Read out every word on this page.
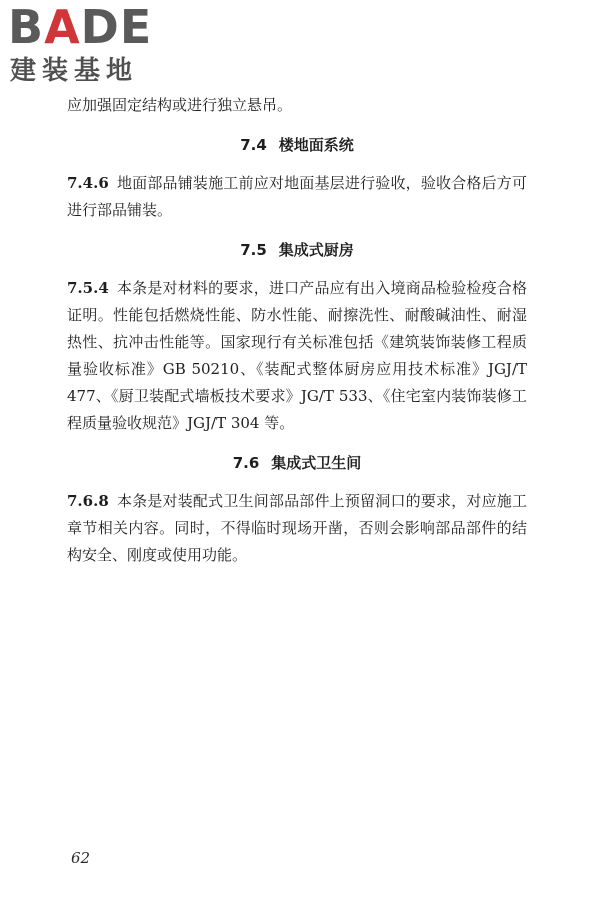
BADE
建装基地

应加强固定结构或进行独立悬吊。

7.4 楼地面系统

7.4.6 地面部品铺装施工前应对地面基层进行验收，验收合格后方可进行部品铺装。

7.5 集成式厨房

7.5.4 本条是对材料的要求，进口产品应有出入境商品检验检疫合格证明。性能包括燃烧性能、防水性能、耐擦洗性、耐酸碱油性、耐湿热性、抗冲击性能等。国家现行有关标准包括《建筑装饰装修工程质量验收标准》GB 50210、《装配式整体厨房应用技术标准》JGJ/T 477、《厨卫装配式墙板技术要求》JG/T 533、《住宅室内装饰装修工程质量验收规范》JGJ/T 304 等。

7.6 集成式卫生间

7.6.8 本条是对装配式卫生间部品部件上预留洞口的要求，对应施工章节相关内容。同时，不得临时现场开凿，否则会影响部品部件的结构安全、刚度或使用功能。

62
